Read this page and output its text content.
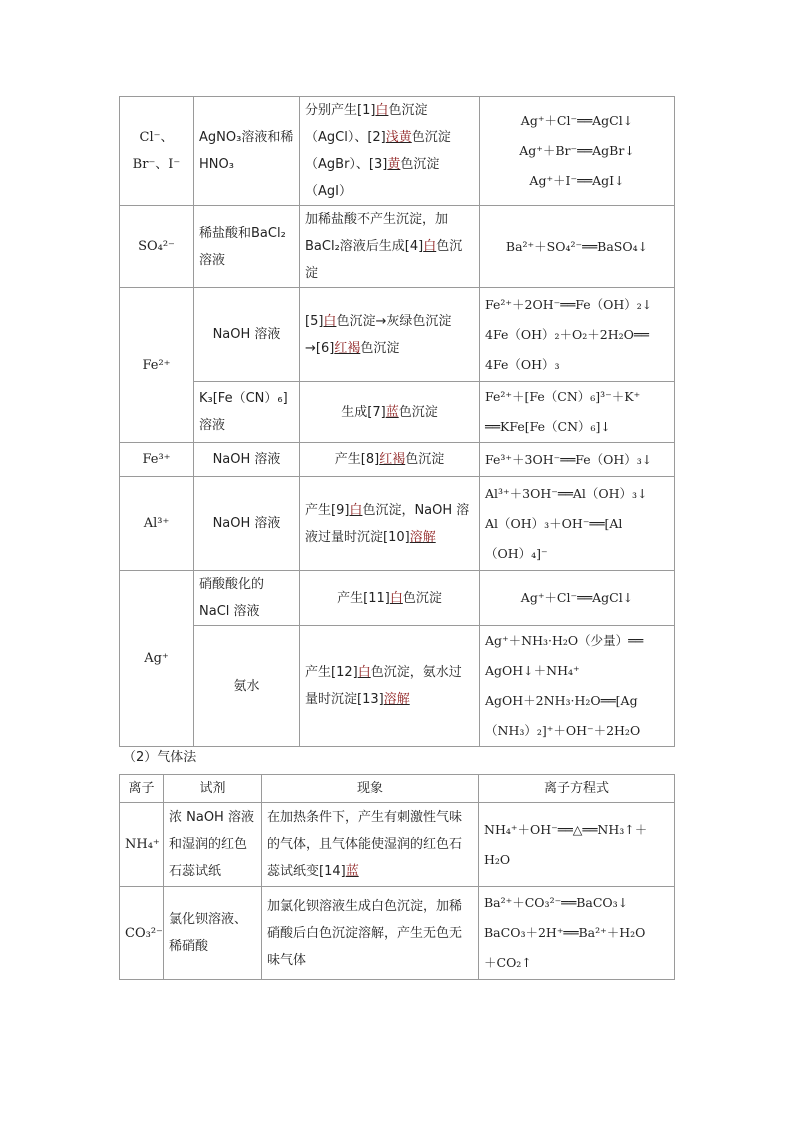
Cl⁻、Br⁻、I⁻	AgNO₃溶液和稀HNO₃	分别产生[1]白色沉淀（AgCl）、[2]浅黄色沉淀（AgBr）、[3]黄色沉淀（AgI）	Ag⁺＋Cl⁻══AgCl↓
Ag⁺＋Br⁻══AgBr↓
Ag⁺＋I⁻══AgI↓

SO₄²⁻	稀盐酸和BaCl₂溶液	加稀盐酸不产生沉淀，加BaCl₂溶液后生成[4]白色沉淀	Ba²⁺＋SO₄²⁻══BaSO₄↓

Fe²⁺	NaOH 溶液	[5]白色沉淀→灰绿色沉淀→[6]红褐色沉淀	Fe²⁺＋2OH⁻══Fe（OH）₂↓
4Fe（OH）₂＋O₂＋2H₂O══
4Fe（OH）₃

	K₃[Fe（CN）₆]溶液	生成[7]蓝色沉淀	Fe²⁺＋[Fe（CN）₆]³⁻＋K⁺
══KFe[Fe（CN）₆]↓

Fe³⁺	NaOH 溶液	产生[8]红褐色沉淀	Fe³⁺＋3OH⁻══Fe（OH）₃↓

Al³⁺	NaOH 溶液	产生[9]白色沉淀，NaOH 溶液过量时沉淀[10]溶解	Al³⁺＋3OH⁻══Al（OH）₃↓
Al（OH）₃＋OH⁻══[Al
（OH）₄]⁻

Ag⁺	硝酸酸化的NaCl 溶液	产生[11]白色沉淀	Ag⁺＋Cl⁻══AgCl↓

	氨水	产生[12]白色沉淀，氨水过量时沉淀[13]溶解	Ag⁺＋NH₃·H₂O（少量）══
AgOH↓＋NH₄⁺
AgOH＋2NH₃·H₂O══[Ag
（NH₃）₂]⁺＋OH⁻＋2H₂O
（2）气体法
离子	试剂	现象	离子方程式
NH₄⁺	浓 NaOH 溶液和湿润的红色石蕊试纸	在加热条件下，产生有刺激性气味的气体，且气体能使湿润的红色石蕊试纸变[14]蓝	NH₄⁺＋OH⁻══△══NH₃↑＋H₂O

CO₃²⁻	氯化钡溶液、稀硝酸	加氯化钡溶液生成白色沉淀，加稀硝酸后白色沉淀溶解，产生无色无味气体	Ba²⁺＋CO₃²⁻══BaCO₃↓
BaCO₃＋2H⁺══Ba²⁺＋H₂O
＋CO₂↑
